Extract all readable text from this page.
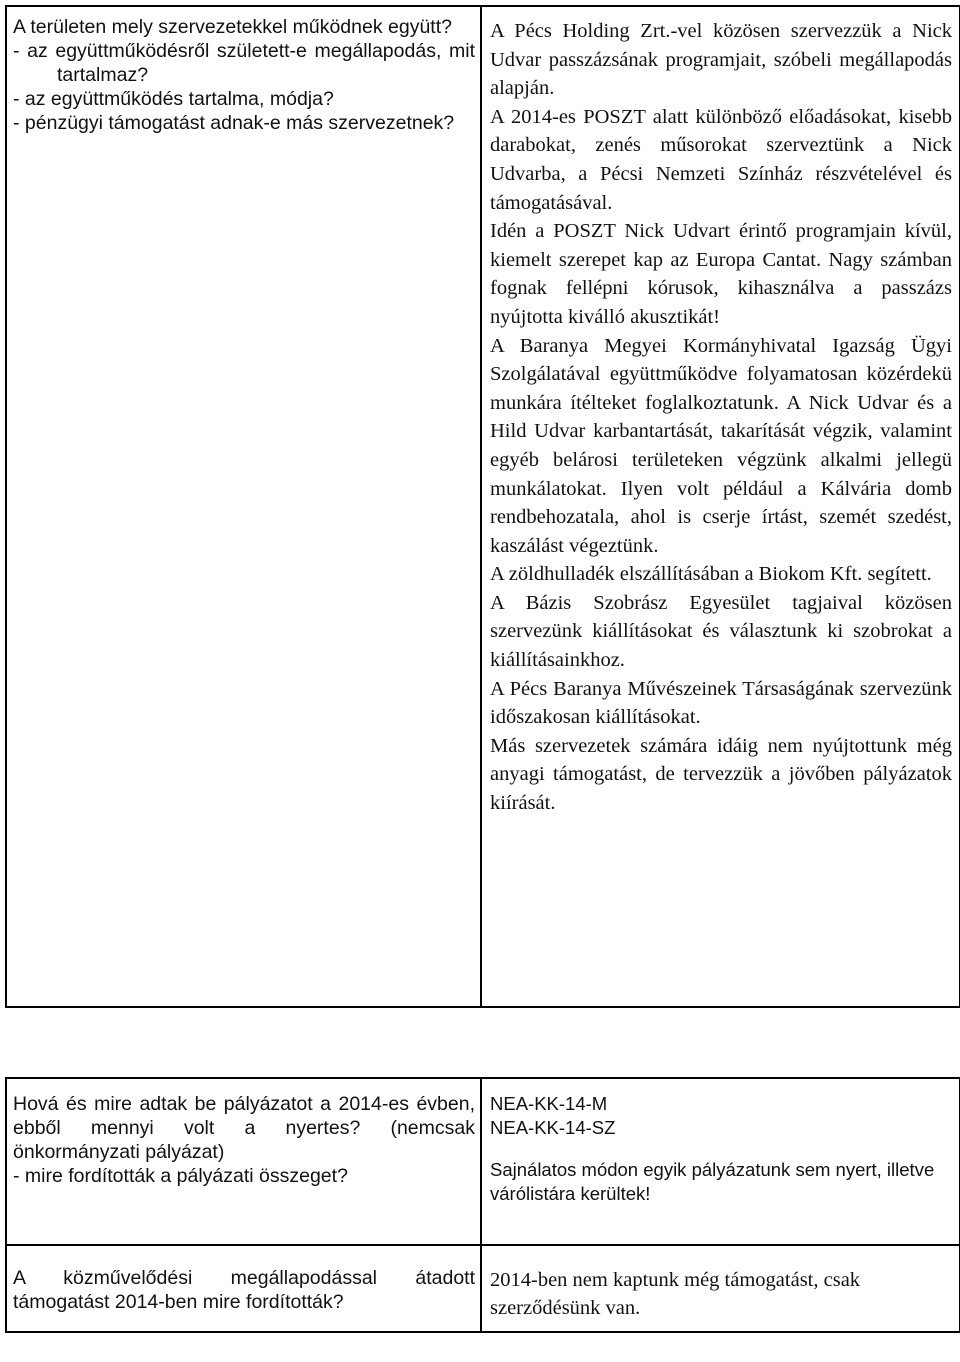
A területen mely szervezetekkel működnek együtt?
- az együttműködésről született-e megállapodás, mit tartalmaz?
- az együttműködés tartalma, módja?
- pénzügyi támogatást adnak-e más szervezetnek?
A Pécs Holding Zrt.-vel közösen szervezzük a Nick Udvar passzázsának programjait, szóbeli megállapodás alapján.
A 2014-es POSZT alatt különböző előadásokat, kisebb darabokat, zenés műsorokat szerveztünk a Nick Udvarba, a Pécsi Nemzeti Színház részvételével és támogatásával.
Idén a POSZT Nick Udvart érintő programjain kívül, kiemelt szerepet kap az Europa Cantat. Nagy számban fognak fellépni kórusok, kihasználva a passzázs nyújtotta kiválló akusztikát!
A Baranya Megyei Kormányhivatal Igazság Ügyi Szolgálatával együttműködve folyamatosan közérdekü munkára ítélteket foglalkoztatunk. A Nick Udvar és a Hild Udvar karbantartását, takarítását végzik, valamint egyéb belárosi területeken végzünk alkalmi jellegü munkálatokat. Ilyen volt például a Kálvária domb rendbehozatala, ahol is cserje írtást, szemét szedést, kaszálást végeztünk.
A zöldhulladék elszállításában a Biokom Kft. segített.
A Bázis Szobrász Egyesület tagjaival közösen szervezünk kiállításokat és választunk ki szobrokat a kiállításainkhoz.
A Pécs Baranya Művészeinek Társaságának szervezünk időszakosan kiállításokat.
Más szervezetek számára idáig nem nyújtottunk még anyagi támogatást, de tervezzük a jövőben pályázatok kiírását.
Hová és mire adtak be pályázatot a 2014-es évben, ebből mennyi volt a nyertes? (nemcsak önkormányzati pályázat)
- mire fordították a pályázati összeget?
NEA-KK-14-M
NEA-KK-14-SZ
Sajnálatos módon egyik pályázatunk sem nyert, illetve várólistára kerültek!
A közművelődési megállapodással átadott támogatást 2014-ben mire fordították?
2014-ben nem kaptunk még támogatást, csak szerződésünk van.
